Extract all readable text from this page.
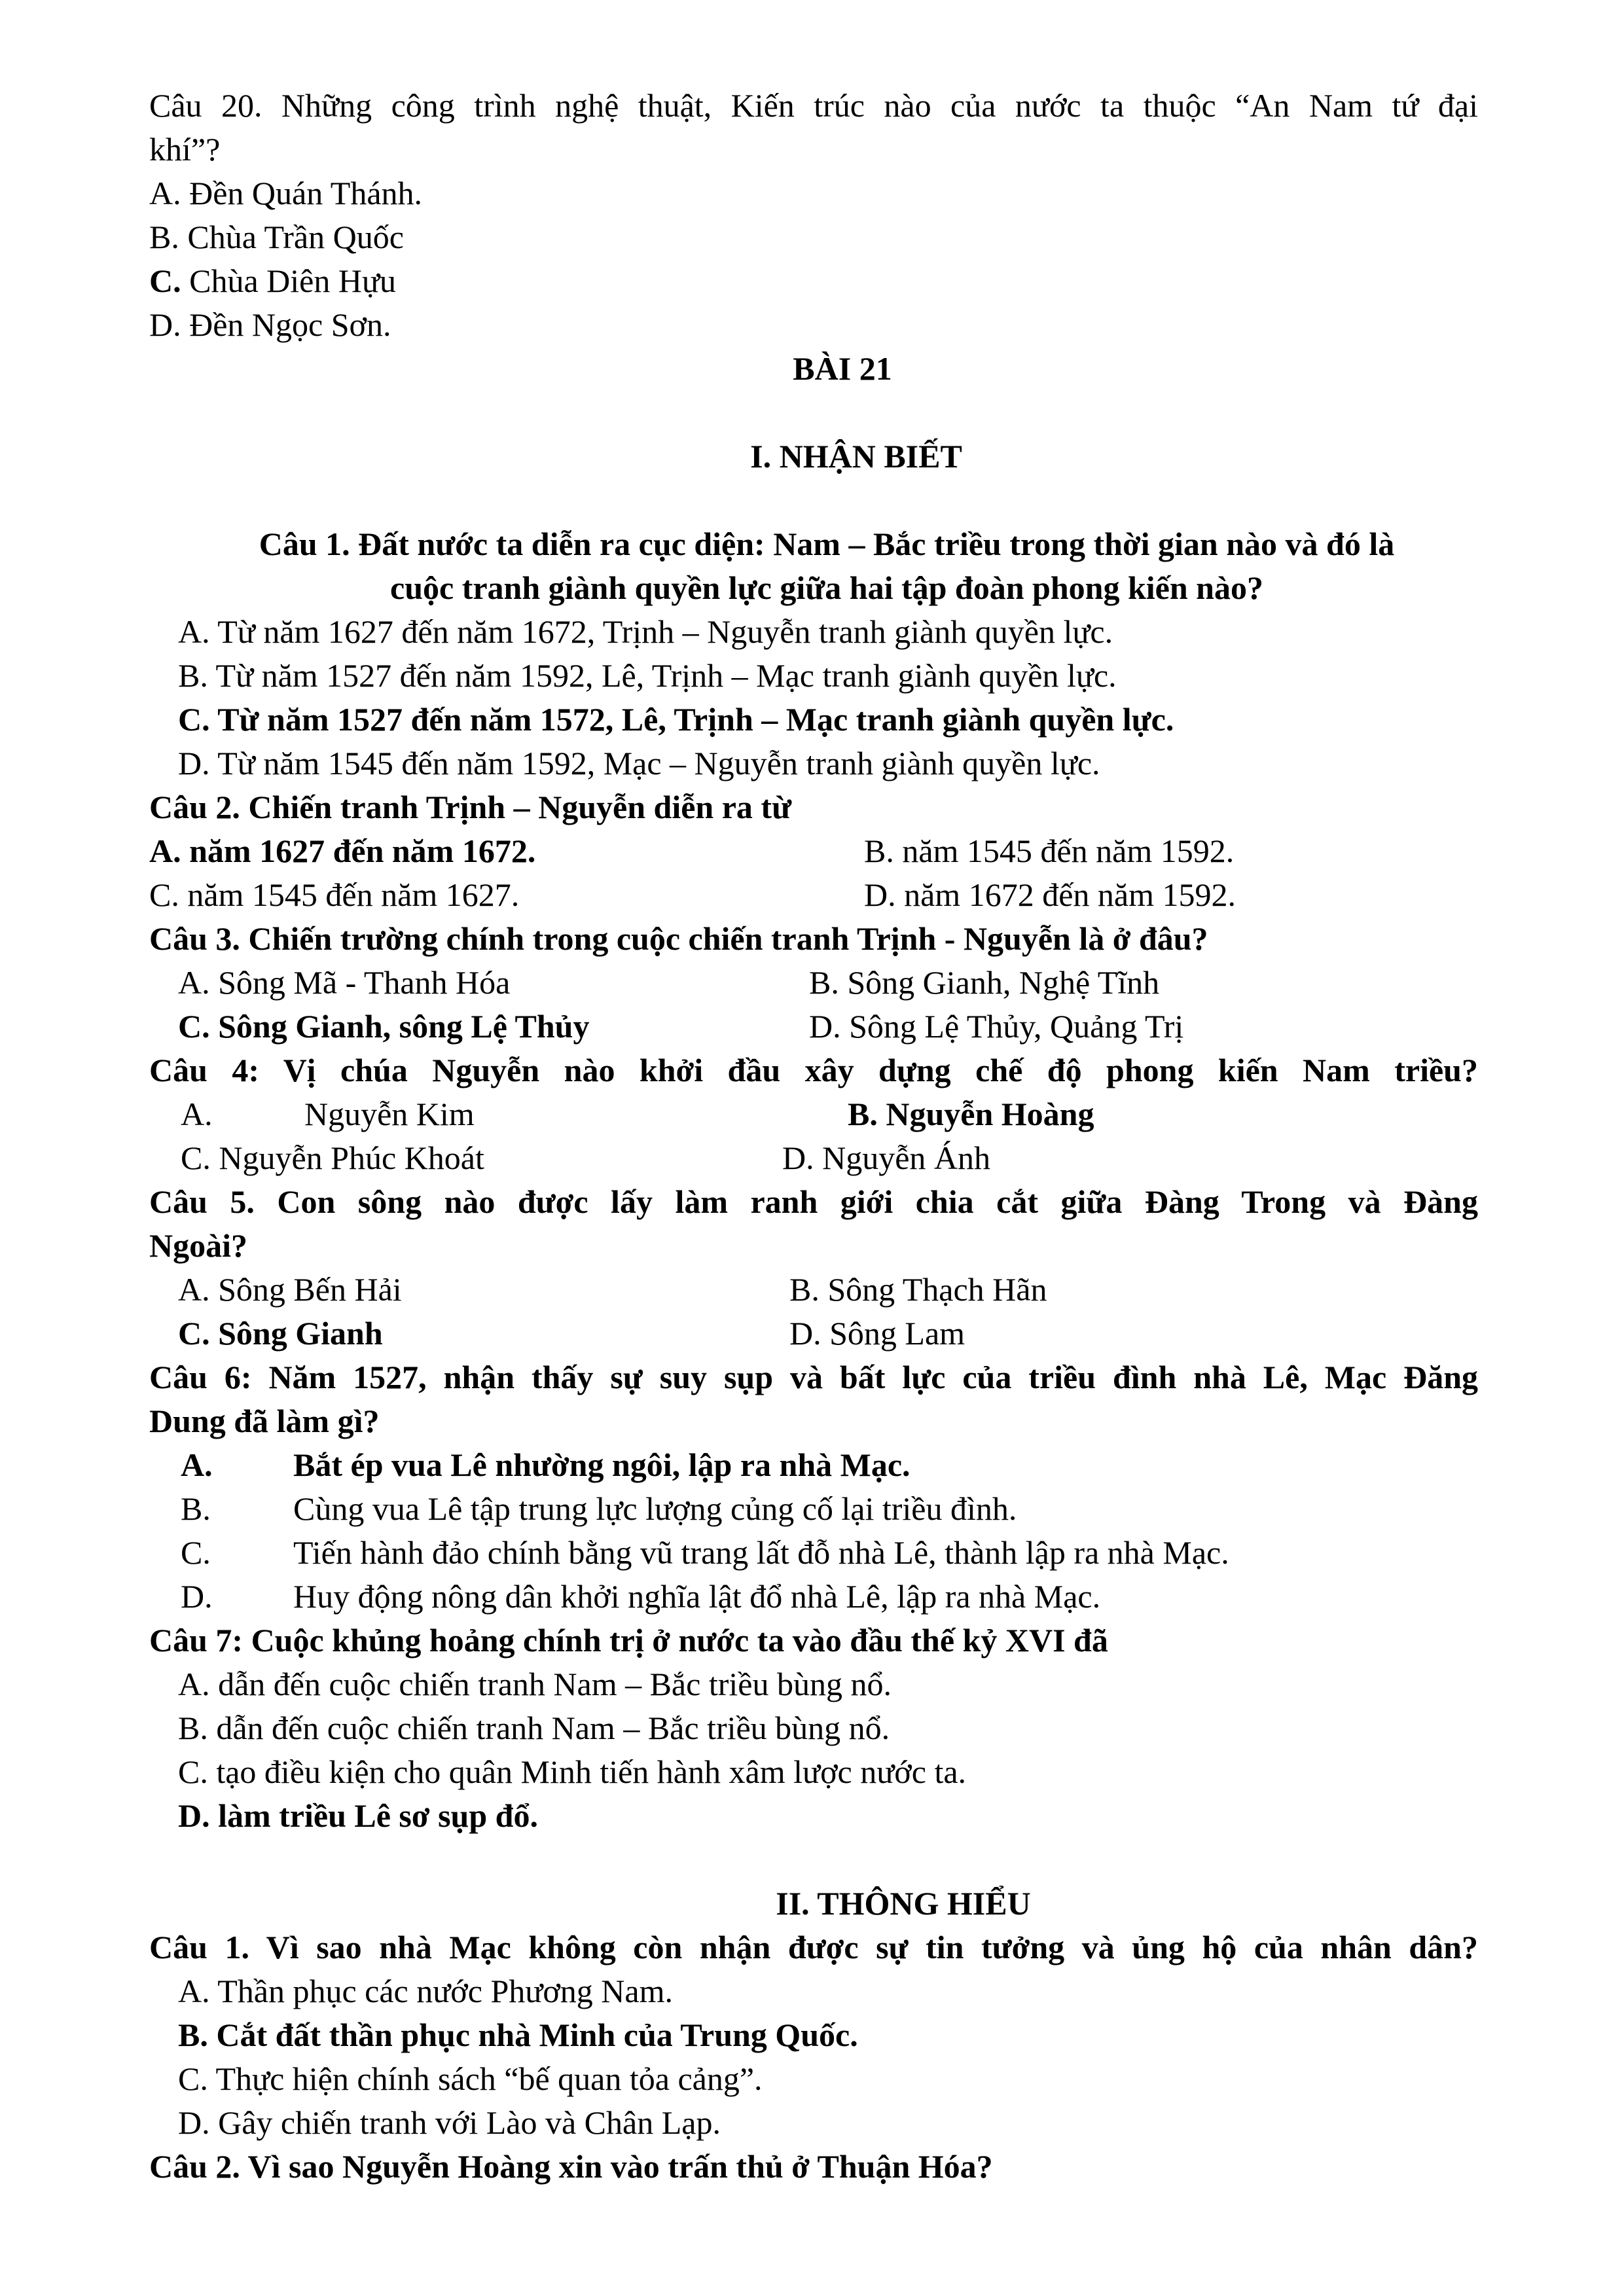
Câu 20. Những công trình nghệ thuật, Kiến trúc nào của nước ta thuộc “An Nam tứ đại
khí”?
A. Đền Quán Thánh.
B. Chùa Trần Quốc
C. Chùa Diên Hựu
D. Đền Ngọc Sơn.
BÀI 21
I. NHẬN BIẾT
Câu 1. Đất nước ta diễn ra cục diện: Nam – Bắc triều trong thời gian nào và đó là
cuộc tranh giành quyền lực giữa hai tập đoàn phong kiến nào?
A. Từ năm 1627 đến năm 1672, Trịnh – Nguyễn tranh giành quyền lực.
B. Từ năm 1527 đến năm 1592, Lê, Trịnh – Mạc tranh giành quyền lực.
C. Từ năm 1527 đến năm 1572, Lê, Trịnh – Mạc tranh giành quyền lực.
D. Từ năm 1545 đến năm 1592, Mạc – Nguyễn tranh giành quyền lực.
Câu 2. Chiến tranh Trịnh – Nguyễn diễn ra từ
A. năm 1627 đến năm 1672.	B. năm 1545 đến năm 1592.
C. năm 1545 đến năm 1627.	D. năm 1672 đến năm 1592.
Câu 3. Chiến trường chính trong cuộc chiến tranh Trịnh - Nguyễn là ở đâu?
A. Sông Mã - Thanh Hóa	B. Sông Gianh, Nghệ Tĩnh
C. Sông Gianh, sông Lệ Thủy	D. Sông Lệ Thủy, Quảng Trị
Câu 4: Vị chúa Nguyễn nào khởi đầu xây dựng chế độ phong kiến Nam triều?
A.	Nguyễn Kim	B. Nguyễn Hoàng
C. Nguyễn Phúc Khoát	D. Nguyễn Ánh
Câu 5. Con sông nào được lấy làm ranh giới chia cắt giữa Đàng Trong và Đàng
Ngoài?
A. Sông Bến Hải	B. Sông Thạch Hãn
C. Sông Gianh	D. Sông Lam
Câu 6: Năm 1527, nhận thấy sự suy sụp và bất lực của triều đình nhà Lê, Mạc Đăng
Dung đã làm gì?
A. Bắt ép vua Lê nhường ngôi, lập ra nhà Mạc.
B.	Cùng vua Lê tập trung lực lượng củng cố lại triều đình.
C.	Tiến hành đảo chính bằng vũ trang lất đỗ nhà Lê, thành lập ra nhà Mạc.
D. Huy động nông dân khởi nghĩa lật đổ nhà Lê, lập ra nhà Mạc.
Câu 7: Cuộc khủng hoảng chính trị ở nước ta vào đầu thế kỷ XVI đã
A. dẫn đến cuộc chiến tranh Nam – Bắc triều bùng nổ.
B. dẫn đến cuộc chiến tranh Nam – Bắc triều bùng nổ.
C. tạo điều kiện cho quân Minh tiến hành xâm lược nước ta.
D. làm triều Lê sơ sụp đổ.
II. THÔNG HIỂU
Câu 1. Vì sao nhà Mạc không còn nhận được sự tin tưởng và ủng hộ của nhân dân?
A. Thần phục các nước Phương Nam.
B. Cắt đất thần phục nhà Minh của Trung Quốc.
C. Thực hiện chính sách “bế quan tỏa cảng”.
D. Gây chiến tranh với Lào và Chân Lạp.
Câu 2. Vì sao Nguyễn Hoàng xin vào trấn thủ ở Thuận Hóa?
